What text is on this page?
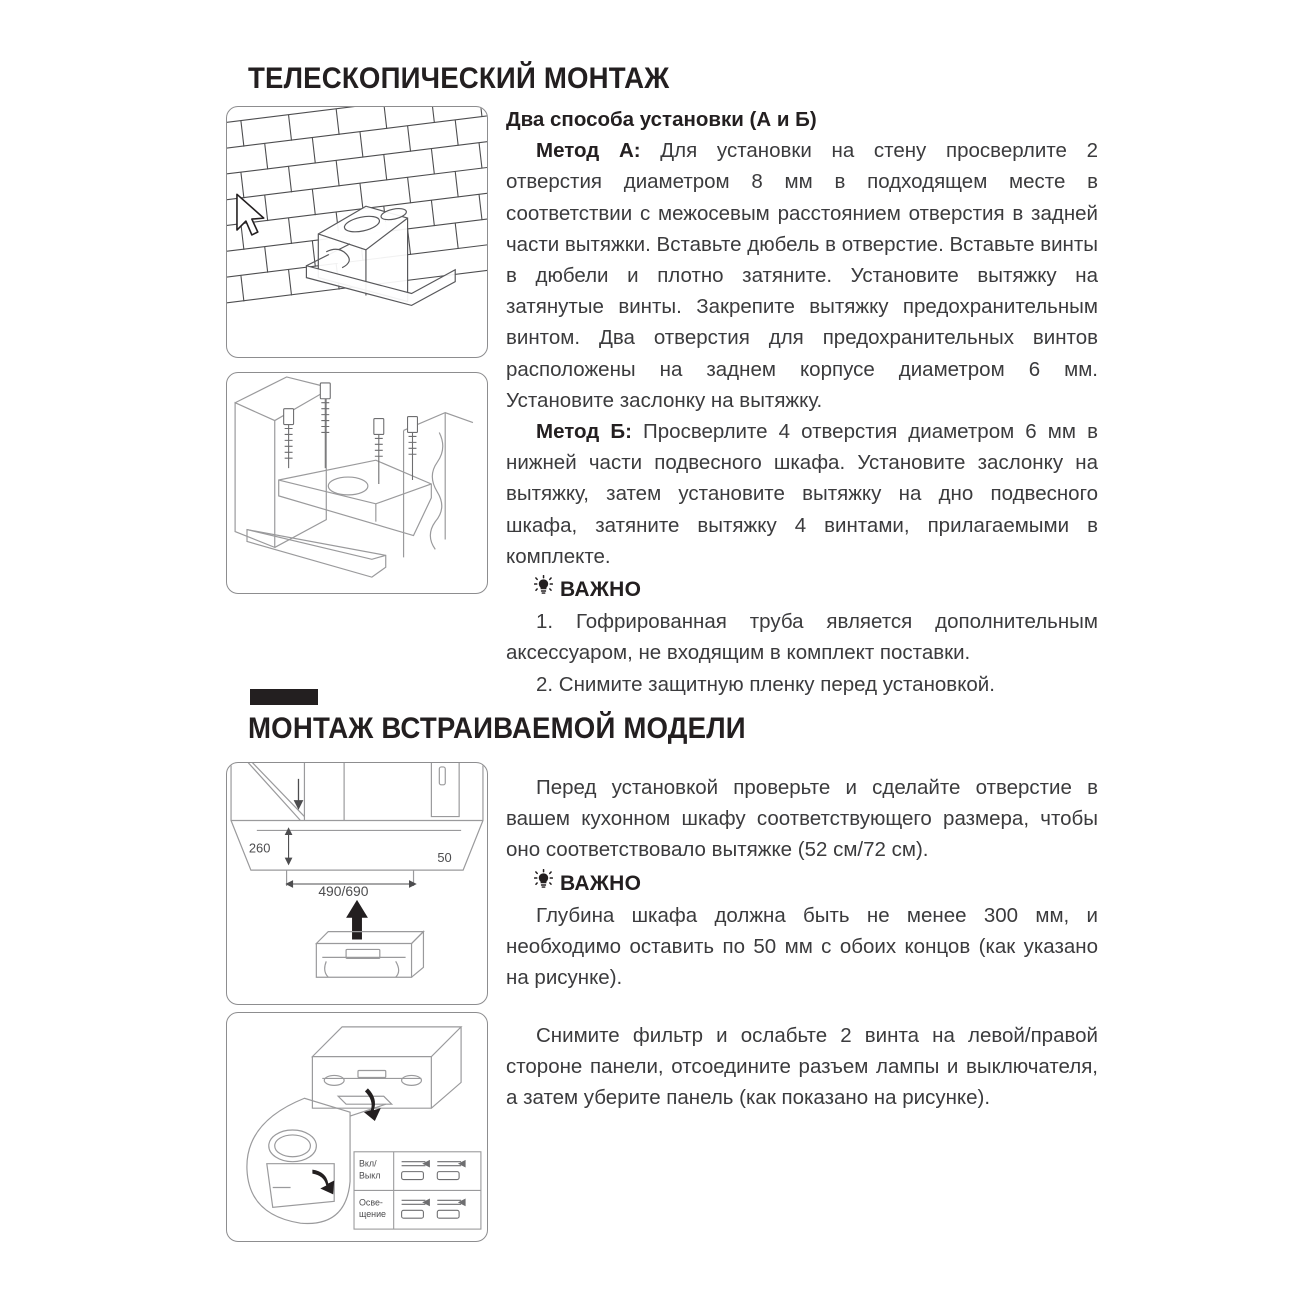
ТЕЛЕСКОПИЧЕСКИЙ МОНТАЖ

Два способа установки (А и Б)

Метод А: Для установки на стену просверлите 2 отверстия диаметром 8 мм в подходящем месте в соответствии с межосевым расстоянием отверстия в задней части вытяжки. Вставьте дюбель в отверстие. Вставьте винты в дюбели и плотно затяните. Установите вытяжку на затянутые винты. Закрепите вытяжку предохранительным винтом. Два отверстия для предохранительных винтов расположены на заднем корпусе диаметром 6 мм. Установите заслонку на вытяжку.

Метод Б: Просверлите 4 отверстия диаметром 6 мм в нижней части подвесного шкафа. Установите заслонку на вытяжку, затем установите вытяжку на дно подвесного шкафа, затяните вытяжку 4 винтами, прилагаемыми в комплекте.

ВАЖНО

1. Гофрированная труба является дополнительным аксессуаром, не входящим в комплект поставки.

2. Снимите защитную пленку перед установкой.

МОНТАЖ ВСТРАИВАЕМОЙ МОДЕЛИ
260
50
490/690

Перед установкой проверьте и сделайте отверстие в вашем кухонном шкафу соответствующего размера, чтобы оно соответствовало вытяжке (52 см/72 см).

ВАЖНО

Глубина шкафа должна быть не менее 300 мм, и необходимо оставить по 50 мм с обоих концов (как указано на рисунке).

Вкл/
Выкл
Осве-
щение

Снимите фильтр и ослабьте 2 винта на левой/правой стороне панели, отсоедините разъем лампы и выключателя, а затем уберите панель (как показано на рисунке).
